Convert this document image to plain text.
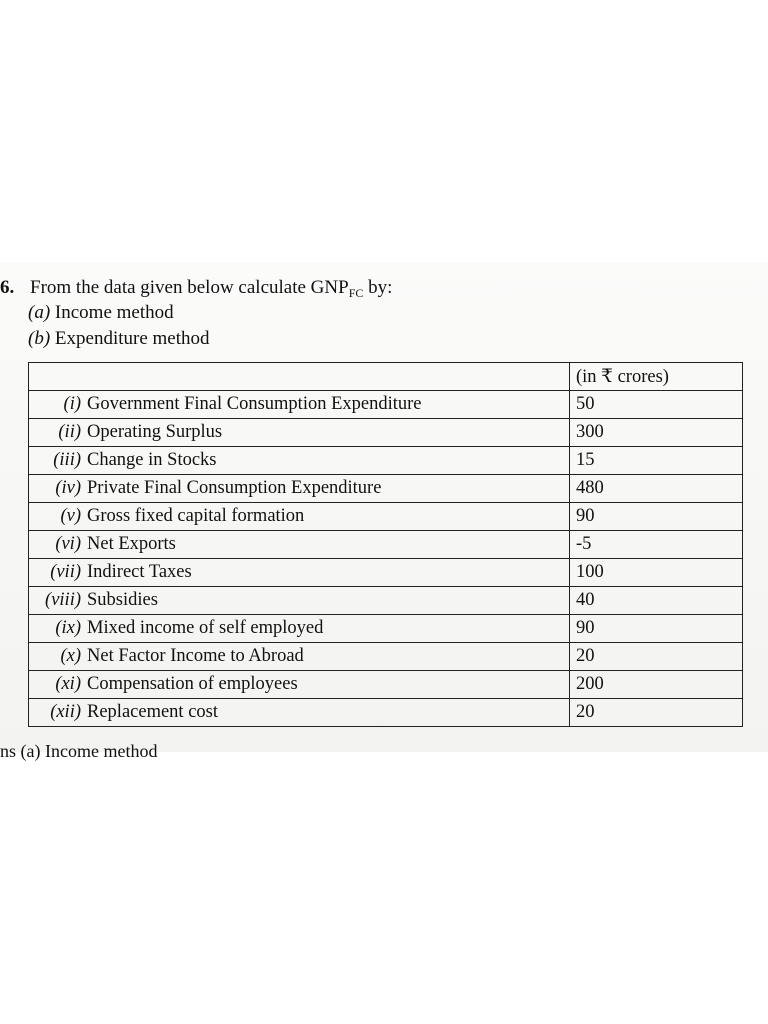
6. From the data given below calculate $GNP_{FC}$ by:
(a) Income method
(b) Expenditure method
	(in ₹ crores)
(i) Government Final Consumption Expenditure	50
(ii) Operating Surplus	300
(iii) Change in Stocks	15
(iv) Private Final Consumption Expenditure	480
(v) Gross fixed capital formation	90
(vi) Net Exports	-5
(vii) Indirect Taxes	100
(viii) Subsidies	40
(ix) Mixed income of self employed	90
(x) Net Factor Income to Abroad	20
(xi) Compensation of employees	200
(xii) Replacement cost	20
ns (a) Income method
